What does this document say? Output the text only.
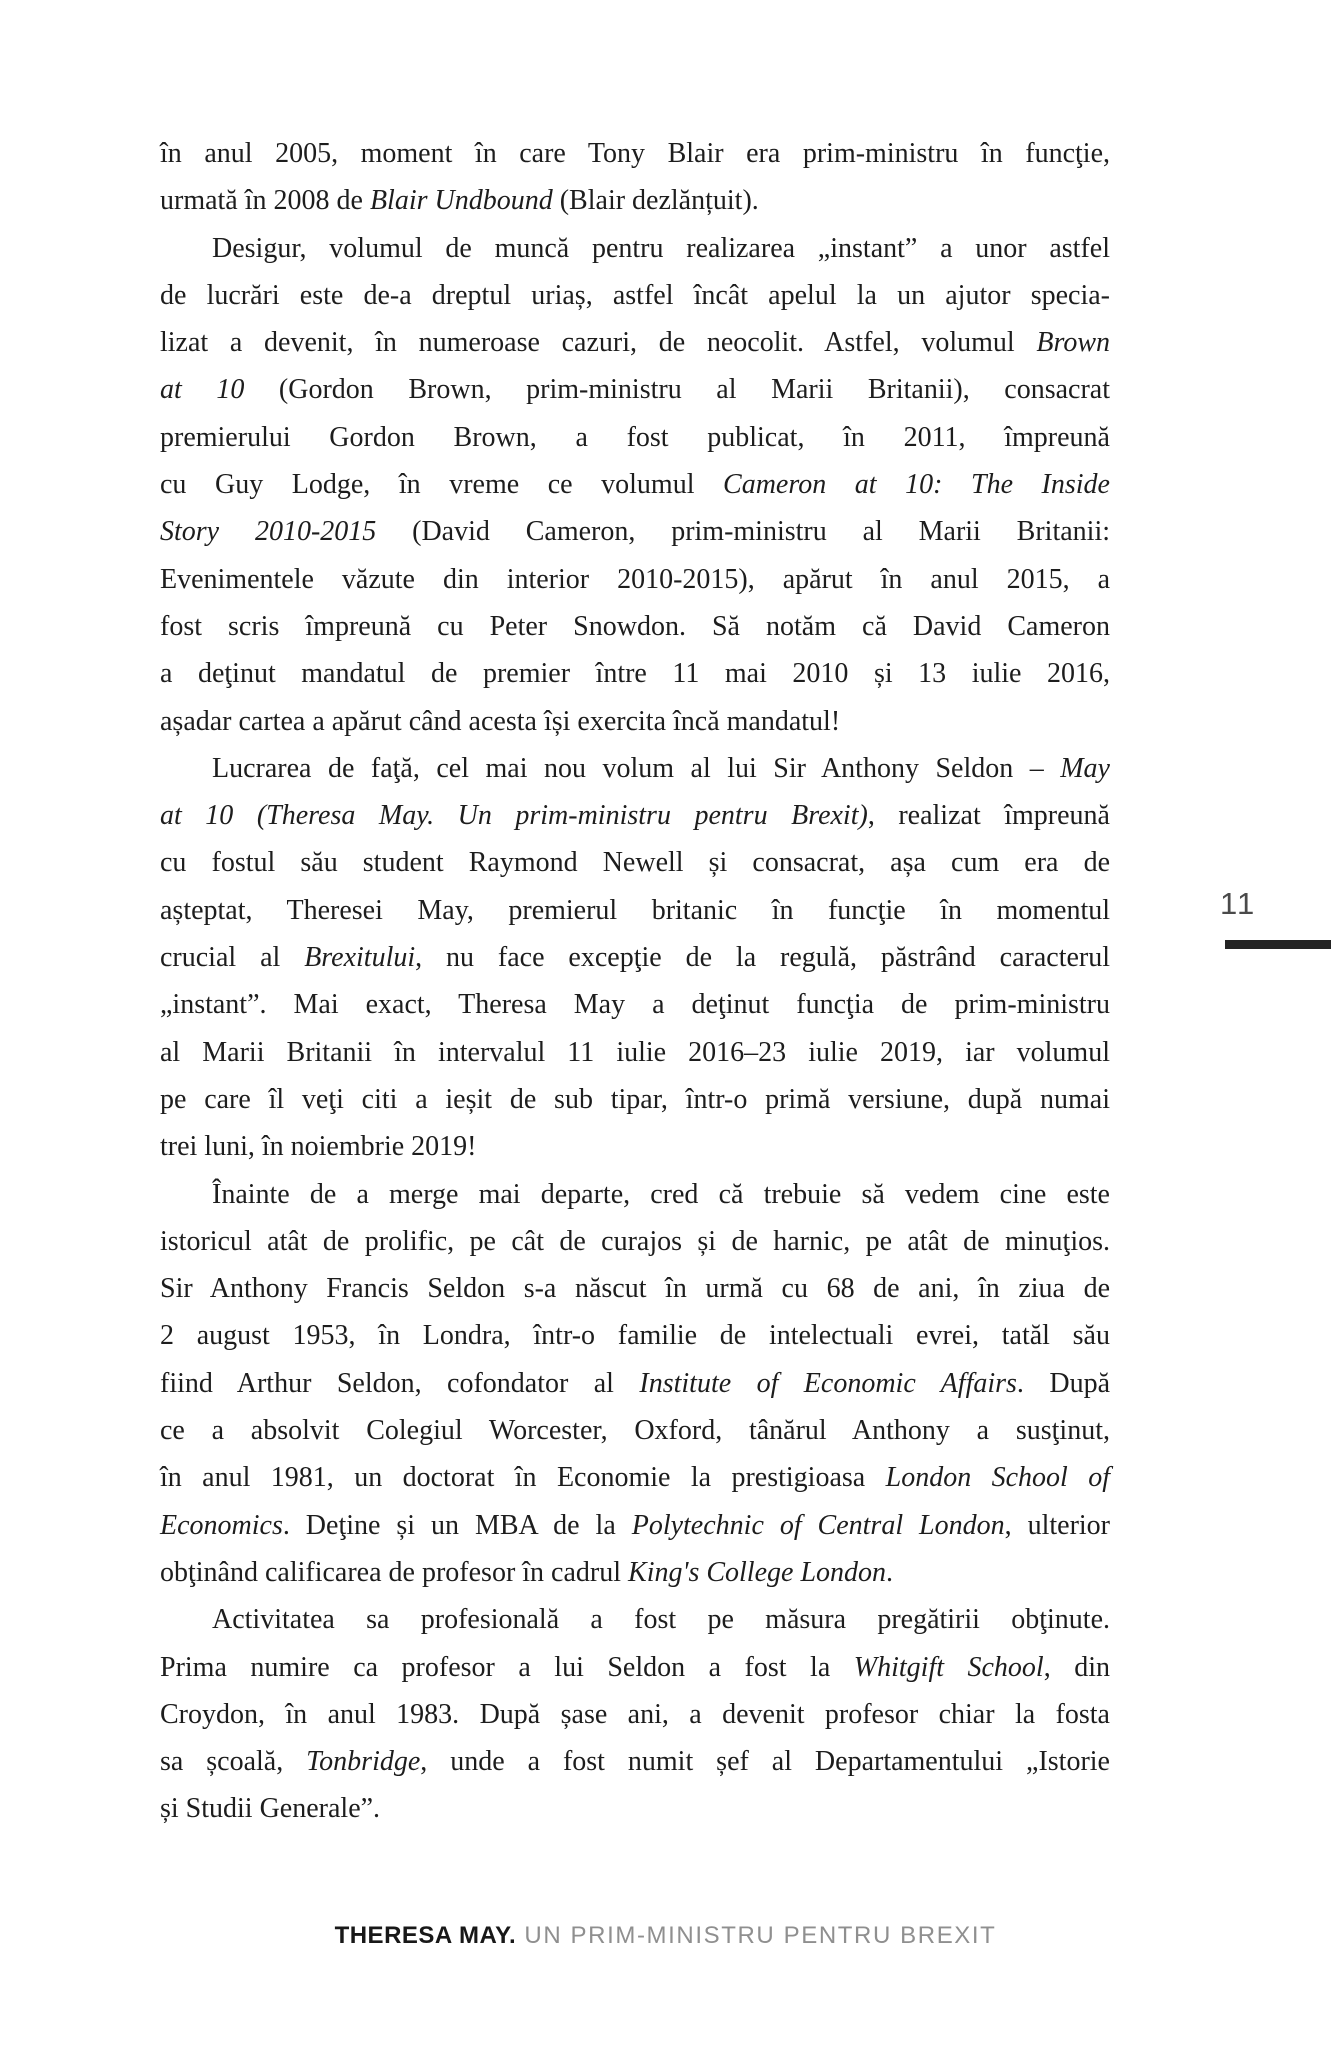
în anul 2005, moment în care Tony Blair era prim-ministru în funcţie,
urmată în 2008 de Blair Undbound (Blair dezlănțuit).
Desigur, volumul de muncă pentru realizarea „instant” a unor astfel
de lucrări este de-a dreptul uriaș, astfel încât apelul la un ajutor specia-
lizat a devenit, în numeroase cazuri, de neocolit. Astfel, volumul Brown
at 10 (Gordon Brown, prim-ministru al Marii Britanii), consacrat
premierului Gordon Brown, a fost publicat, în 2011, împreună
cu Guy Lodge, în vreme ce volumul Cameron at 10: The Inside
Story 2010-2015 (David Cameron, prim-ministru al Marii Britanii:
Evenimentele văzute din interior 2010-2015), apărut în anul 2015, a
fost scris împreună cu Peter Snowdon. Să notăm că David Cameron
a deţinut mandatul de premier între 11 mai 2010 și 13 iulie 2016,
așadar cartea a apărut când acesta își exercita încă mandatul!
Lucrarea de faţă, cel mai nou volum al lui Sir Anthony Seldon – May
at 10 (Theresa May. Un prim-ministru pentru Brexit), realizat împreună
cu fostul său student Raymond Newell și consacrat, așa cum era de
așteptat, Theresei May, premierul britanic în funcţie în momentul
crucial al Brexitului, nu face excepţie de la regulă, păstrând caracterul
„instant”. Mai exact, Theresa May a deţinut funcţia de prim-ministru
al Marii Britanii în intervalul 11 iulie 2016–23 iulie 2019, iar volumul
pe care îl veţi citi a ieșit de sub tipar, într-o primă versiune, după numai
trei luni, în noiembrie 2019!
Înainte de a merge mai departe, cred că trebuie să vedem cine este
istoricul atât de prolific, pe cât de curajos și de harnic, pe atât de minuţios.
Sir Anthony Francis Seldon s-a născut în urmă cu 68 de ani, în ziua de
2 august 1953, în Londra, într-o familie de intelectuali evrei, tatăl său
fiind Arthur Seldon, cofondator al Institute of Economic Affairs. După
ce a absolvit Colegiul Worcester, Oxford, tânărul Anthony a susţinut,
în anul 1981, un doctorat în Economie la prestigioasa London School of
Economics. Deţine și un MBA de la Polytechnic of Central London, ulterior
obţinând calificarea de profesor în cadrul King's College London.
Activitatea sa profesională a fost pe măsura pregătirii obţinute.
Prima numire ca profesor a lui Seldon a fost la Whitgift School, din
Croydon, în anul 1983. După șase ani, a devenit profesor chiar la fosta
sa școală, Tonbridge, unde a fost numit șef al Departamentului „Istorie
și Studii Generale”.
11
THERESA MAY. UN PRIM-MINISTRU PENTRU BREXIT
